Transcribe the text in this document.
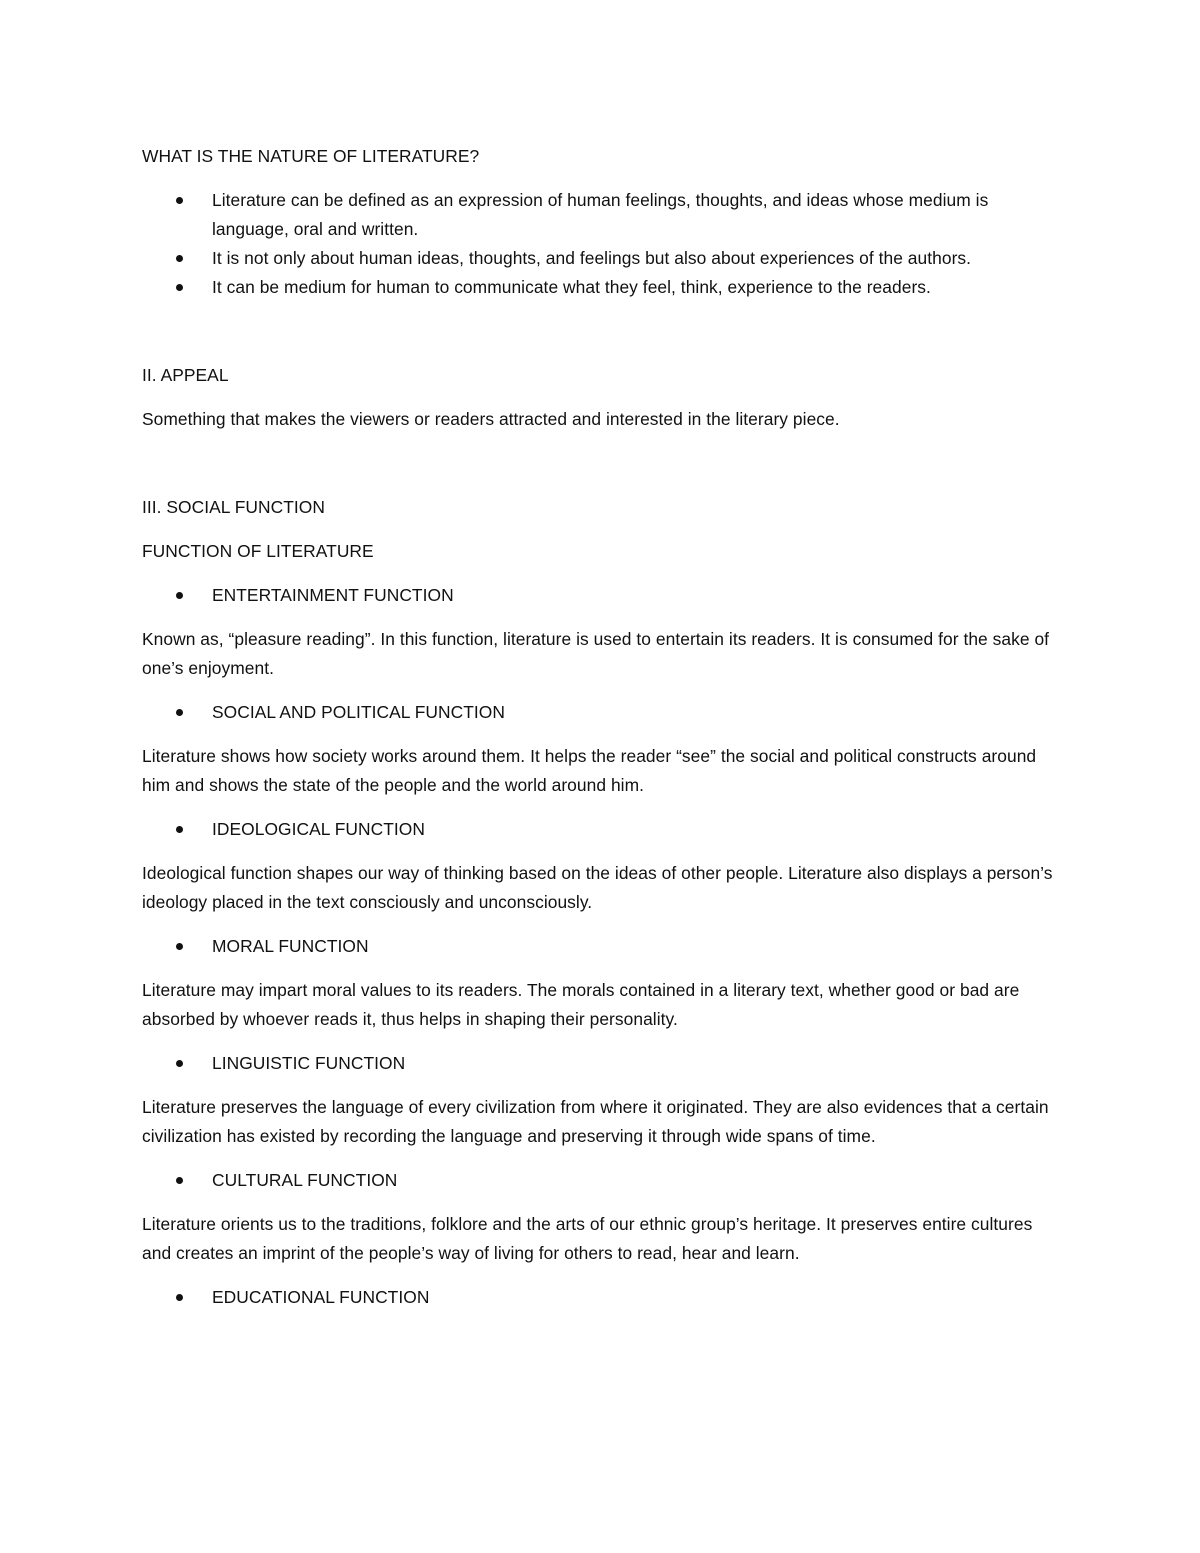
WHAT IS THE NATURE OF LITERATURE?

Literature can be defined as an expression of human feelings, thoughts, and ideas whose medium is language, oral and written.
It is not only about human ideas, thoughts, and feelings but also about experiences of the authors.
It can be medium for human to communicate what they feel, think, experience to the readers.

II. APPEAL

Something that makes the viewers or readers attracted and interested in the literary piece.

III. SOCIAL FUNCTION

FUNCTION OF LITERATURE

ENTERTAINMENT FUNCTION

Known as, “pleasure reading”. In this function, literature is used to entertain its readers. It is consumed for the sake of one’s enjoyment.

SOCIAL AND POLITICAL FUNCTION

Literature shows how society works around them. It helps the reader “see” the social and political constructs around him and shows the state of the people and the world around him.

IDEOLOGICAL FUNCTION

Ideological function shapes our way of thinking based on the ideas of other people. Literature also displays a person’s ideology placed in the text consciously and unconsciously.

MORAL FUNCTION

Literature may impart moral values to its readers. The morals contained in a literary text, whether good or bad are absorbed by whoever reads it, thus helps in shaping their personality.

LINGUISTIC FUNCTION

Literature preserves the language of every civilization from where it originated. They are also evidences that a certain civilization has existed by recording the language and preserving it through wide spans of time.

CULTURAL FUNCTION

Literature orients us to the traditions, folklore and the arts of our ethnic group’s heritage. It preserves entire cultures and creates an imprint of the people’s way of living for others to read, hear and learn.

EDUCATIONAL FUNCTION
